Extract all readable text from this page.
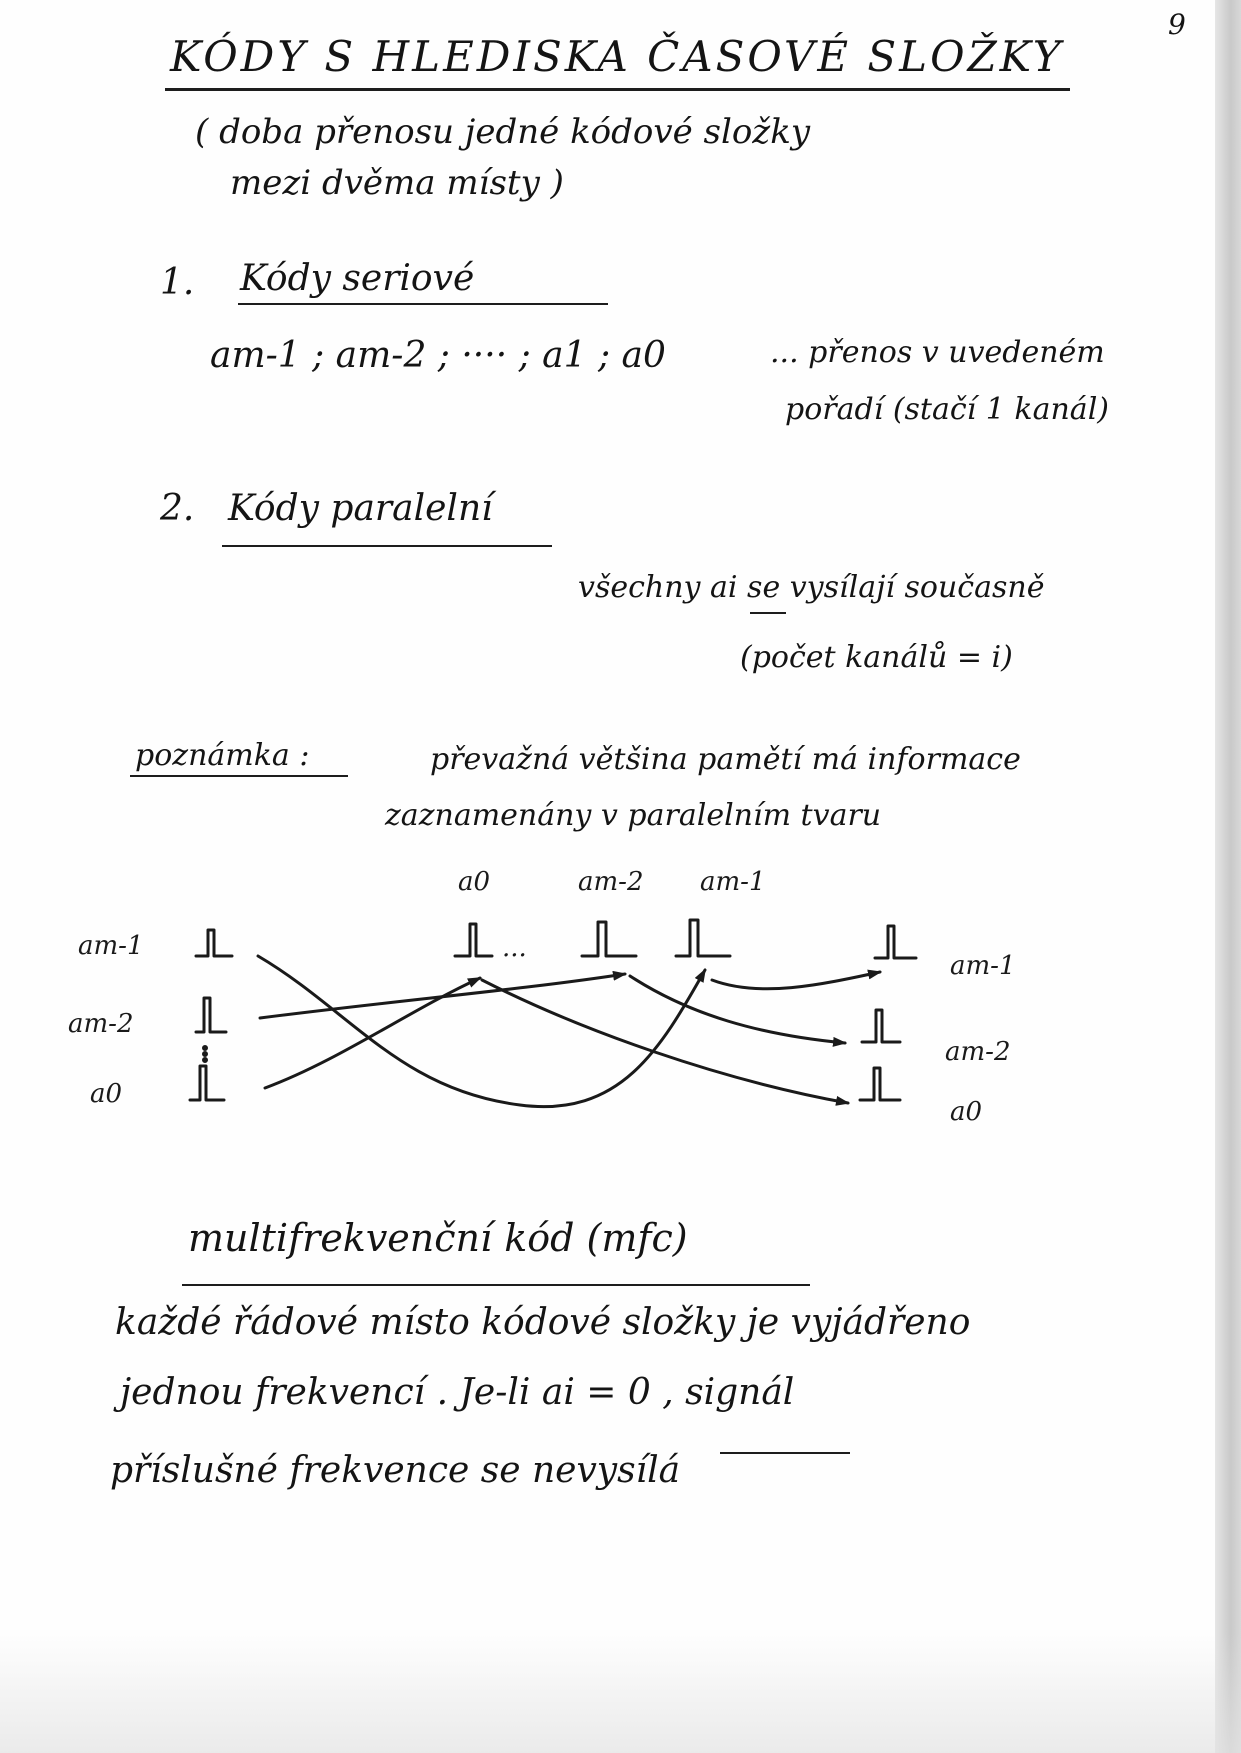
9
KÓDY S HLEDISKA ČASOVÉ SLOŽKY
( doba přenosu jedné kódové složky
mezi dvěma místy )
1. Kódy seriové
am-1 ; am-2 ; ···· ; a1 ; a0	... přenos v uvedeném
pořadí (stačí 1 kanál)
2. Kódy paralelní
všechny ai se vysílají současně
(počet kanálů = i)
poznámka :	převažná většina pamětí má informace
zaznamenány v paralelním tvaru
...
am-1
am-2
a0
a0	am-2 am-1
am-1
am-2
a0
multifrekvenční kód (mfc)
každé řádové místo kódové složky je vyjádřeno
jednou frekvencí . Je-li ai = 0 , signál
příslušné frekvence se nevysílá
